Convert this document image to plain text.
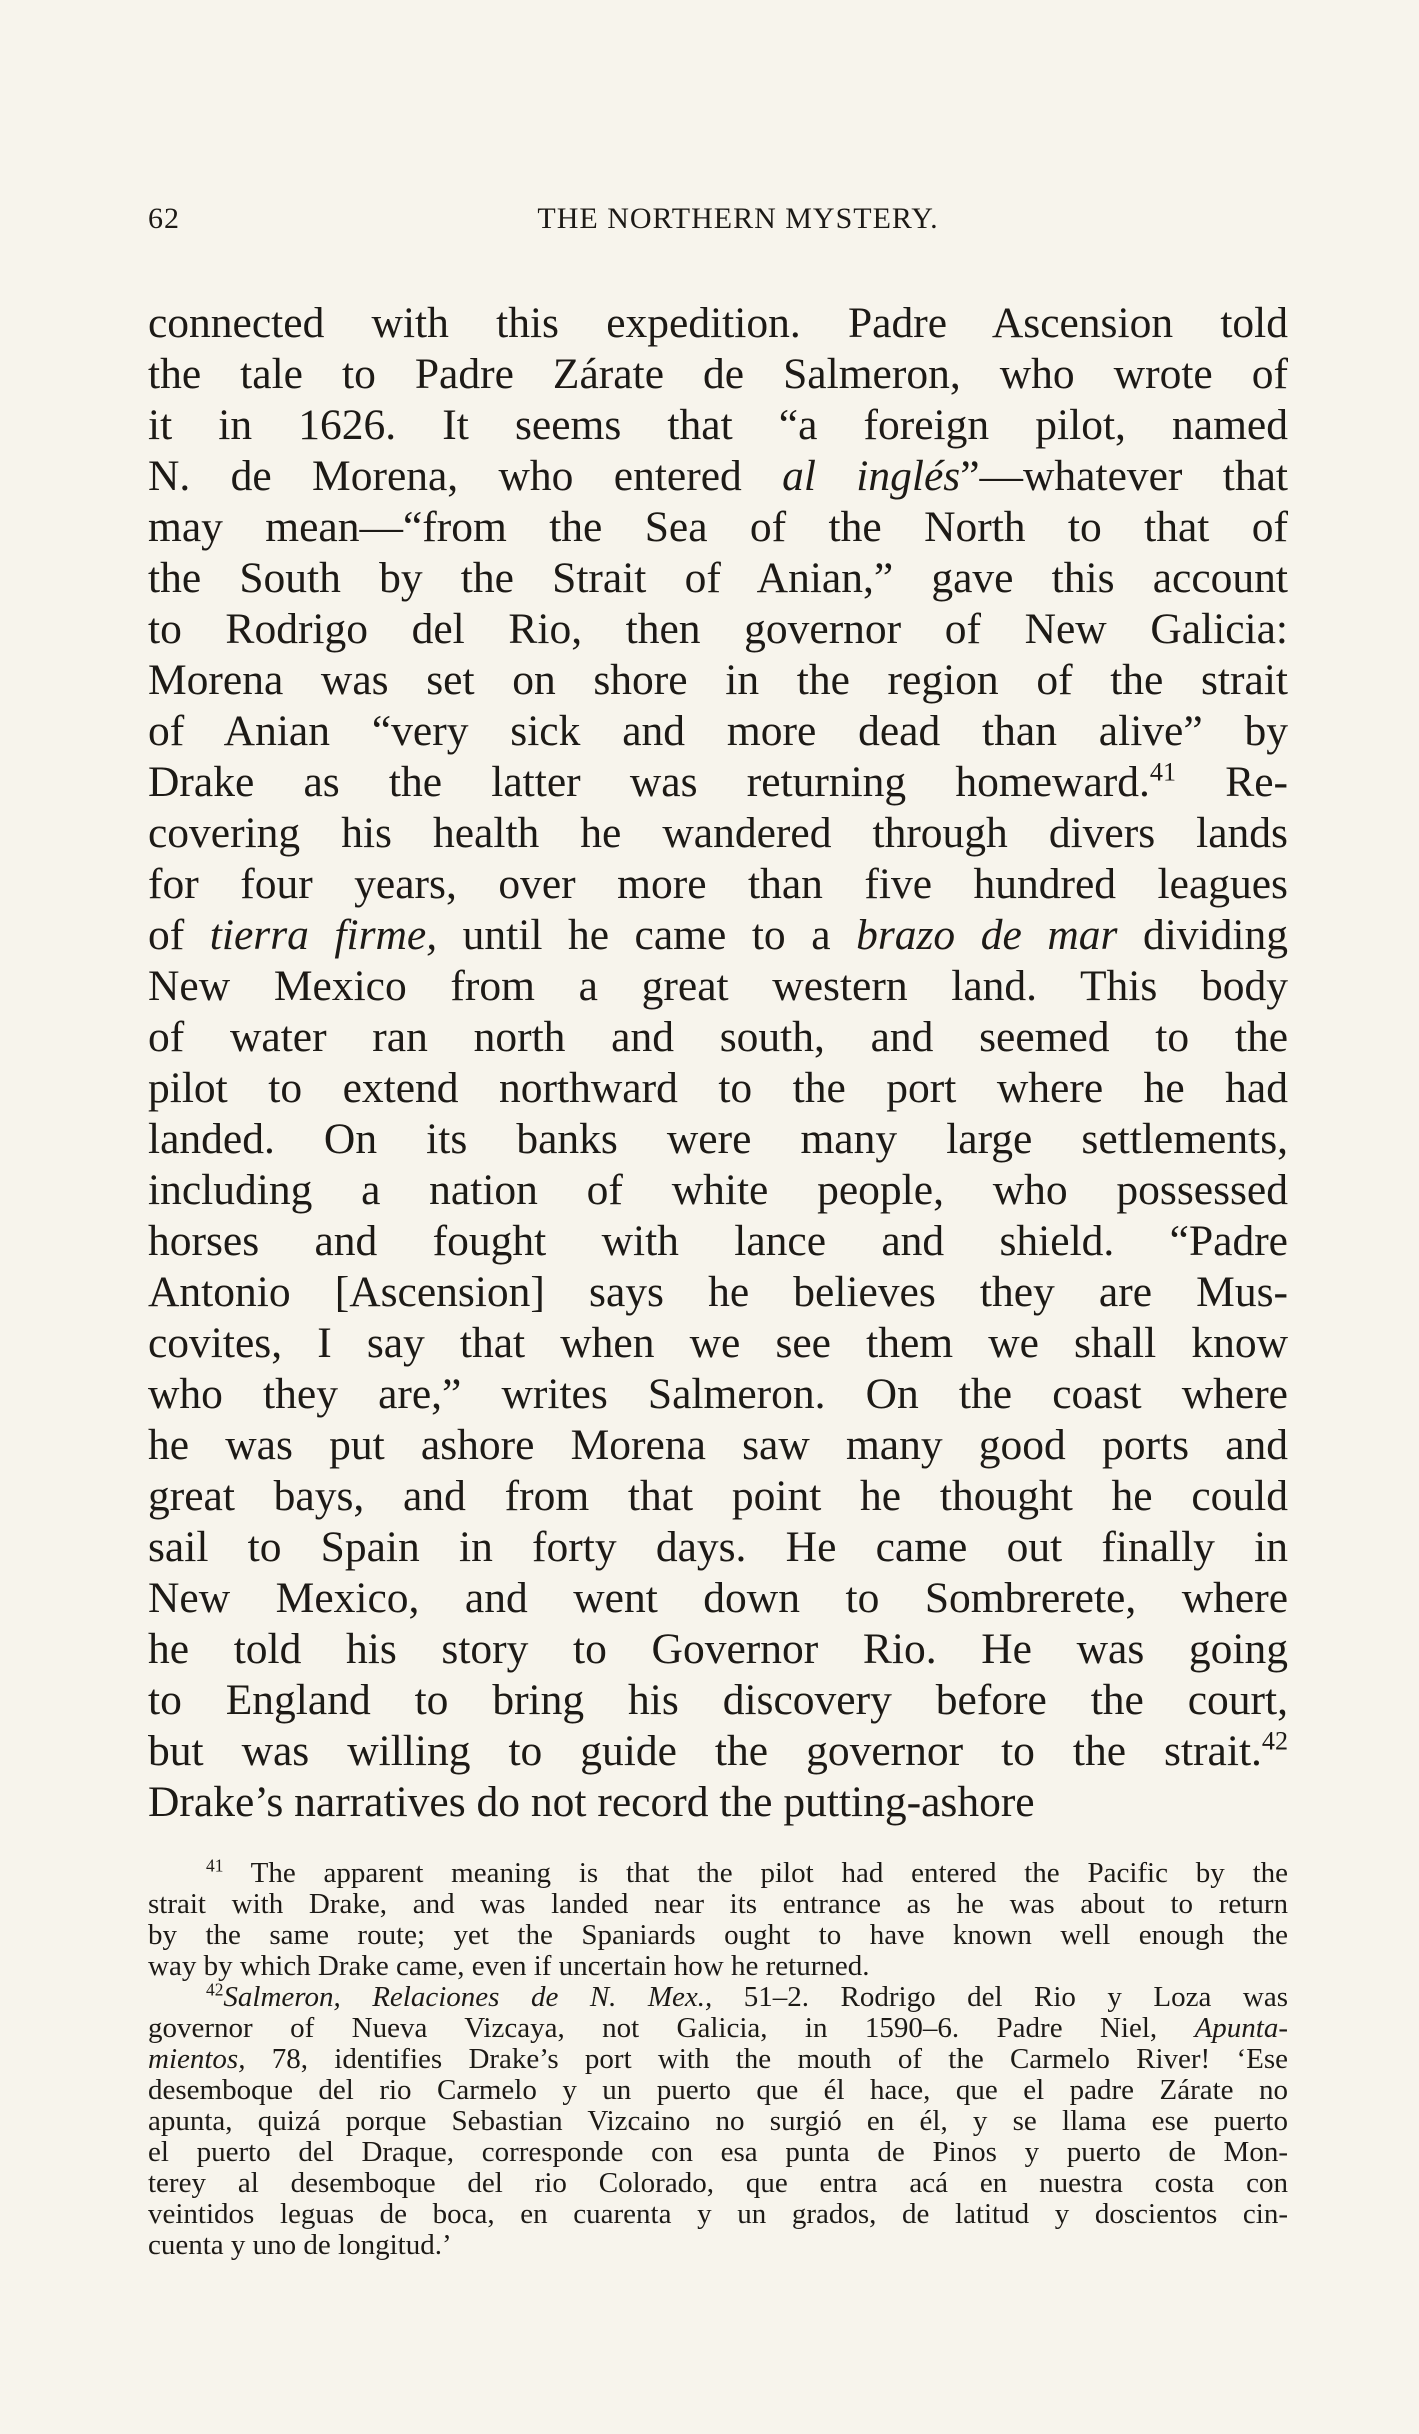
62	THE NORTHERN MYSTERY.
connected with this expedition. Padre Ascension told
the tale to Padre Zárate de Salmeron, who wrote of
it in 1626. It seems that “a foreign pilot, named
N. de Morena, who entered al inglés”—whatever that
may mean—“from the Sea of the North to that of
the South by the Strait of Anian,” gave this account
to Rodrigo del Rio, then governor of New Galicia:
Morena was set on shore in the region of the strait
of Anian “very sick and more dead than alive” by
Drake as the latter was returning homeward.$^{41}$ Re-
covering his health he wandered through divers lands
for four years, over more than five hundred leagues
of tierra firme, until he came to a brazo de mar dividing
New Mexico from a great western land. This body
of water ran north and south, and seemed to the
pilot to extend northward to the port where he had
landed. On its banks were many large settlements,
including a nation of white people, who possessed
horses and fought with lance and shield. “Padre
Antonio [Ascension] says he believes they are Mus-
covites, I say that when we see them we shall know
who they are,” writes Salmeron. On the coast where
he was put ashore Morena saw many good ports and
great bays, and from that point he thought he could
sail to Spain in forty days. He came out finally in
New Mexico, and went down to Sombrerete, where
he told his story to Governor Rio. He was going
to England to bring his discovery before the court,
but was willing to guide the governor to the strait.$^{42}$
Drake’s narratives do not record the putting-ashore
$^{41}$ The apparent meaning is that the pilot had entered the Pacific by the
strait with Drake, and was landed near its entrance as he was about to return
by the same route; yet the Spaniards ought to have known well enough the
way by which Drake came, even if uncertain how he returned.
$^{42}$Salmeron, Relaciones de N. Mex., 51–2. Rodrigo del Rio y Loza was
governor of Nueva Vizcaya, not Galicia, in 1590–6. Padre Niel, Apunta-
mientos, 78, identifies Drake’s port with the mouth of the Carmelo River! ‘Ese
desemboque del rio Carmelo y un puerto que él hace, que el padre Zárate no
apunta, quizá porque Sebastian Vizcaino no surgió en él, y se llama ese puerto
el puerto del Draque, corresponde con esa punta de Pinos y puerto de Mon-
terey al desemboque del rio Colorado, que entra acá en nuestra costa con
veintidos leguas de boca, en cuarenta y un grados, de latitud y doscientos cin-
cuenta y uno de longitud.’
